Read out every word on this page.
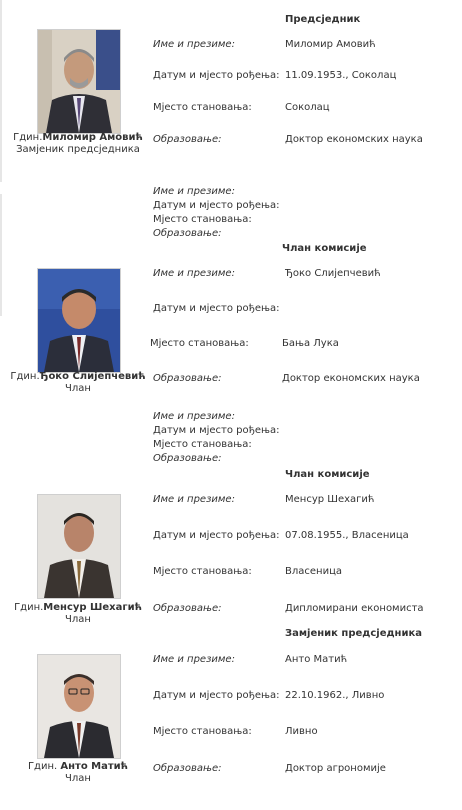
Предсједник
Гдин.Миломир Амовић
Замјеник предсједника
Име и презиме:	Миломир Амовић
Датум и мјесто рођења: 11.09.1953., Соколац
Мјесто становања:	Соколац
Образовање:	Доктор економских наука
Име и презиме:
Датум и мјесто рођења:
Мјесто становања:
Образовање:
Члан комисије
Гдин.Ђоко Слијепчевић
Члан
Име и презиме:	Ђоко Слијепчевић
Датум и мјесто рођења:
Мјесто становања:	Бања Лука
Образовање:	Доктор економских наука
Име и презиме:
Датум и мјесто рођења:
Мјесто становања:
Образовање:
Члан комисије
Гдин.Менсур Шехагић
Члан
Име и презиме:	Менсур Шехагић
Датум и мјесто рођења: 07.08.1955., Власеница
Мјесто становања:	Власеница
Образовање:	Дипломирани економиста
Замјеник предсједника
Гдин. Анто Матић
Члан
Име и презиме:	Анто Матић
Датум и мјесто рођења: 22.10.1962., Ливно
Мјесто становања:	Ливно
Образовање:	Доктор агрономије
